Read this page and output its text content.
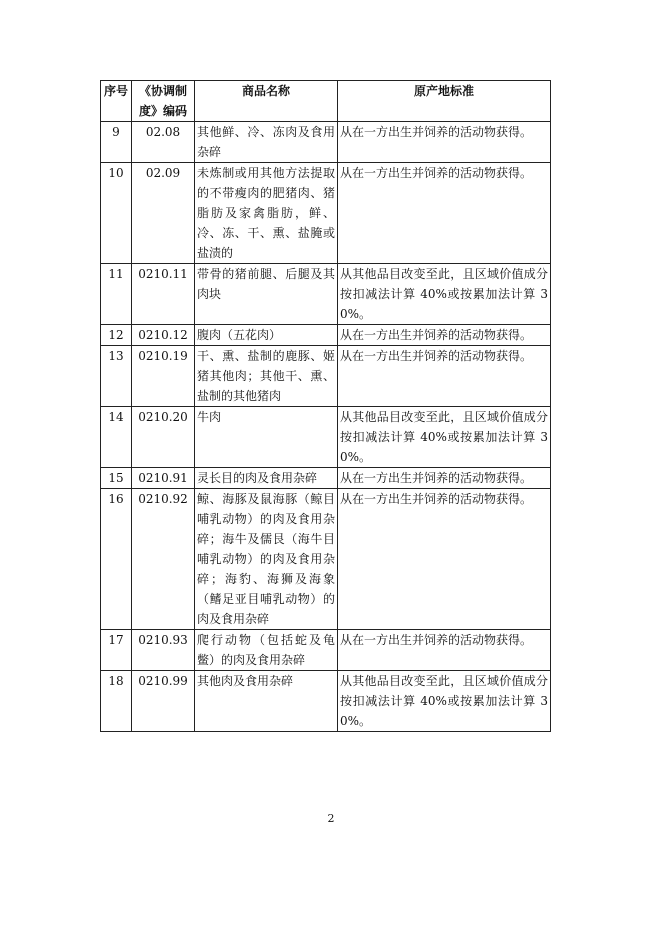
序号	《协调制度》编码	商品名称	原产地标准
9	02.08	其他鲜、冷、冻肉及食用杂碎	从在一方出生并饲养的活动物获得。
10	02.09	未炼制或用其他方法提取的不带瘦肉的肥猪肉、猪脂肪及家禽脂肪，鲜、冷、冻、干、熏、盐腌或盐渍的	从在一方出生并饲养的活动物获得。
11	0210.11	带骨的猪前腿、后腿及其肉块	从其他品目改变至此，且区域价值成分按扣减法计算 40%或按累加法计算 30%。
12	0210.12	腹肉（五花肉）	从在一方出生并饲养的活动物获得。
13	0210.19	干、熏、盐制的鹿豚、姬猪其他肉；其他干、熏、盐制的其他猪肉	从在一方出生并饲养的活动物获得。
14	0210.20	牛肉	从其他品目改变至此，且区域价值成分按扣减法计算 40%或按累加法计算 30%。
15	0210.91	灵长目的肉及食用杂碎	从在一方出生并饲养的活动物获得。
16	0210.92	鲸、海豚及鼠海豚（鲸目哺乳动物）的肉及食用杂碎；海牛及儒艮（海牛目哺乳动物）的肉及食用杂碎；海豹、海狮及海象（鳍足亚目哺乳动物）的肉及食用杂碎	从在一方出生并饲养的活动物获得。
17	0210.93	爬行动物（包括蛇及龟鳖）的肉及食用杂碎	从在一方出生并饲养的活动物获得。
18	0210.99	其他肉及食用杂碎	从其他品目改变至此，且区域价值成分按扣减法计算 40%或按累加法计算 30%。
2
